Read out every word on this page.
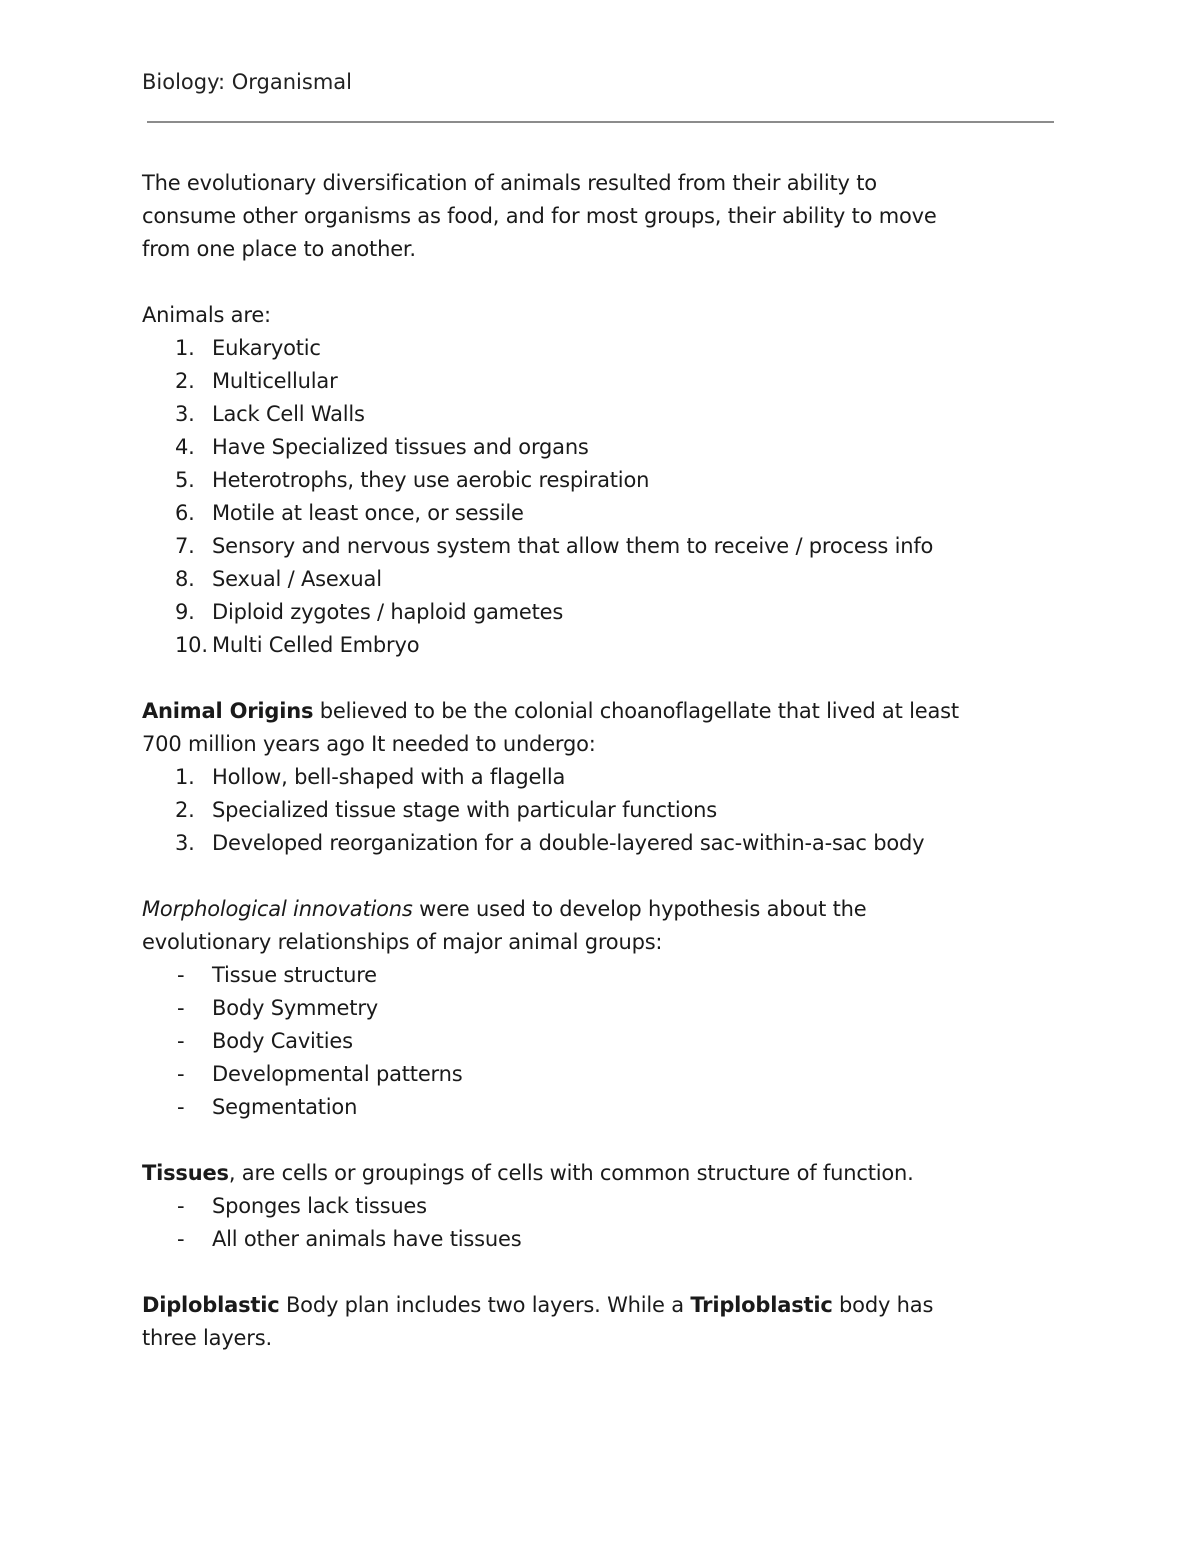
Biology: Organismal
The evolutionary diversification of animals resulted from their ability to
consume other organisms as food, and for most groups, their ability to move
from one place to another.
Animals are:
1. Eukaryotic
2. Multicellular
3. Lack Cell Walls
4. Have Specialized tissues and organs
5. Heterotrophs, they use aerobic respiration
6. Motile at least once, or sessile
7. Sensory and nervous system that allow them to receive / process info
8. Sexual / Asexual
9. Diploid zygotes / haploid gametes
10. Multi Celled Embryo
Animal Origins believed to be the colonial choanoflagellate that lived at least
700 million years ago It needed to undergo:
1. Hollow, bell-shaped with a flagella
2. Specialized tissue stage with particular functions
3. Developed reorganization for a double-layered sac-within-a-sac body
Morphological innovations were used to develop hypothesis about the
evolutionary relationships of major animal groups:
- Tissue structure
- Body Symmetry
- Body Cavities
- Developmental patterns
- Segmentation
Tissues, are cells or groupings of cells with common structure of function.
- Sponges lack tissues
- All other animals have tissues
Diploblastic Body plan includes two layers. While a Triploblastic body has
three layers.
